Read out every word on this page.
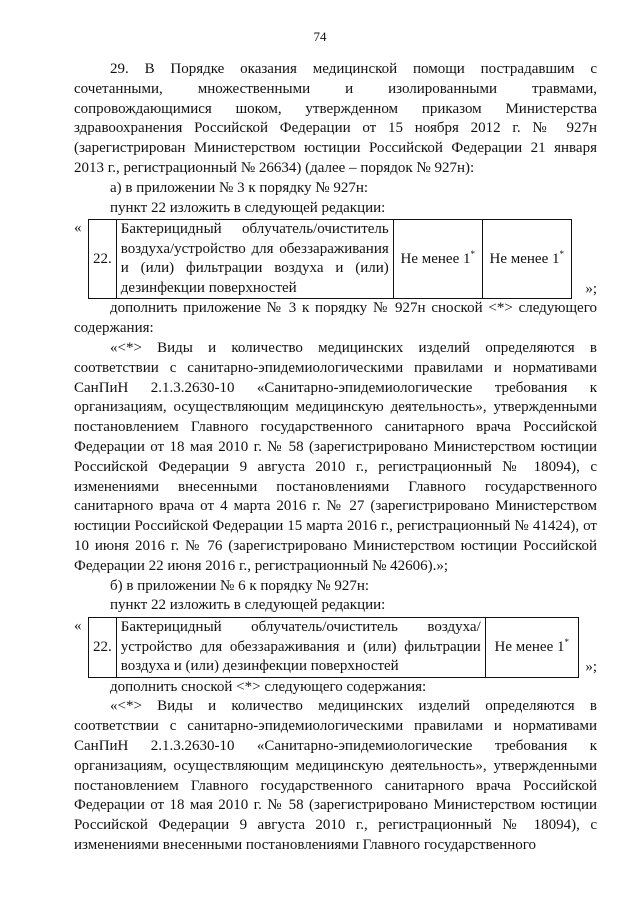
74

29. В Порядке оказания медицинской помощи пострадавшим с сочетанными, множественными и изолированными травмами, сопровождающимися шоком, утвержденном приказом Министерства здравоохранения Российской Федерации от 15 ноября 2012 г. № 927н (зарегистрирован Министерством юстиции Российской Федерации 21 января 2013 г., регистрационный № 26634) (далее – порядок № 927н):

а) в приложении № 3 к порядку № 927н:

пункт 22 изложить в следующей редакции:

«
22.	Бактерицидный облучатель/очиститель воздуха/устройство для обеззараживания и (или) фильтрации воздуха и (или) дезинфекции поверхностей	Не менее 1*	Не менее 1*
»;

дополнить приложение № 3 к порядку № 927н сноской <*> следующего содержания:

«<*> Виды и количество медицинских изделий определяются в соответствии с санитарно-эпидемиологическими правилами и нормативами СанПиН 2.1.3.2630-10 «Санитарно-эпидемиологические требования к организациям, осуществляющим медицинскую деятельность», утвержденными постановлением Главного государственного санитарного врача Российской Федерации от 18 мая 2010 г. № 58 (зарегистрировано Министерством юстиции Российской Федерации 9 августа 2010 г., регистрационный № 18094), с изменениями внесенными постановлениями Главного государственного санитарного врача от 4 марта 2016 г. № 27 (зарегистрировано Министерством юстиции Российской Федерации 15 марта 2016 г., регистрационный № 41424), от 10 июня 2016 г. № 76 (зарегистрировано Министерством юстиции Российской Федерации 22 июня 2016 г., регистрационный № 42606).»;

б) в приложении № 6 к порядку № 927н:

пункт 22 изложить в следующей редакции:

«
22.	Бактерицидный облучатель/очиститель воздуха/устройство для обеззараживания и (или) фильтрации воздуха и (или) дезинфекции поверхностей	Не менее 1*
»;

дополнить сноской <*> следующего содержания:

«<*> Виды и количество медицинских изделий определяются в соответствии с санитарно-эпидемиологическими правилами и нормативами СанПиН 2.1.3.2630-10 «Санитарно-эпидемиологические требования к организациям, осуществляющим медицинскую деятельность», утвержденными постановлением Главного государственного санитарного врача Российской Федерации от 18 мая 2010 г. № 58 (зарегистрировано Министерством юстиции Российской Федерации 9 августа 2010 г., регистрационный № 18094), с изменениями внесенными постановлениями Главного государственного
